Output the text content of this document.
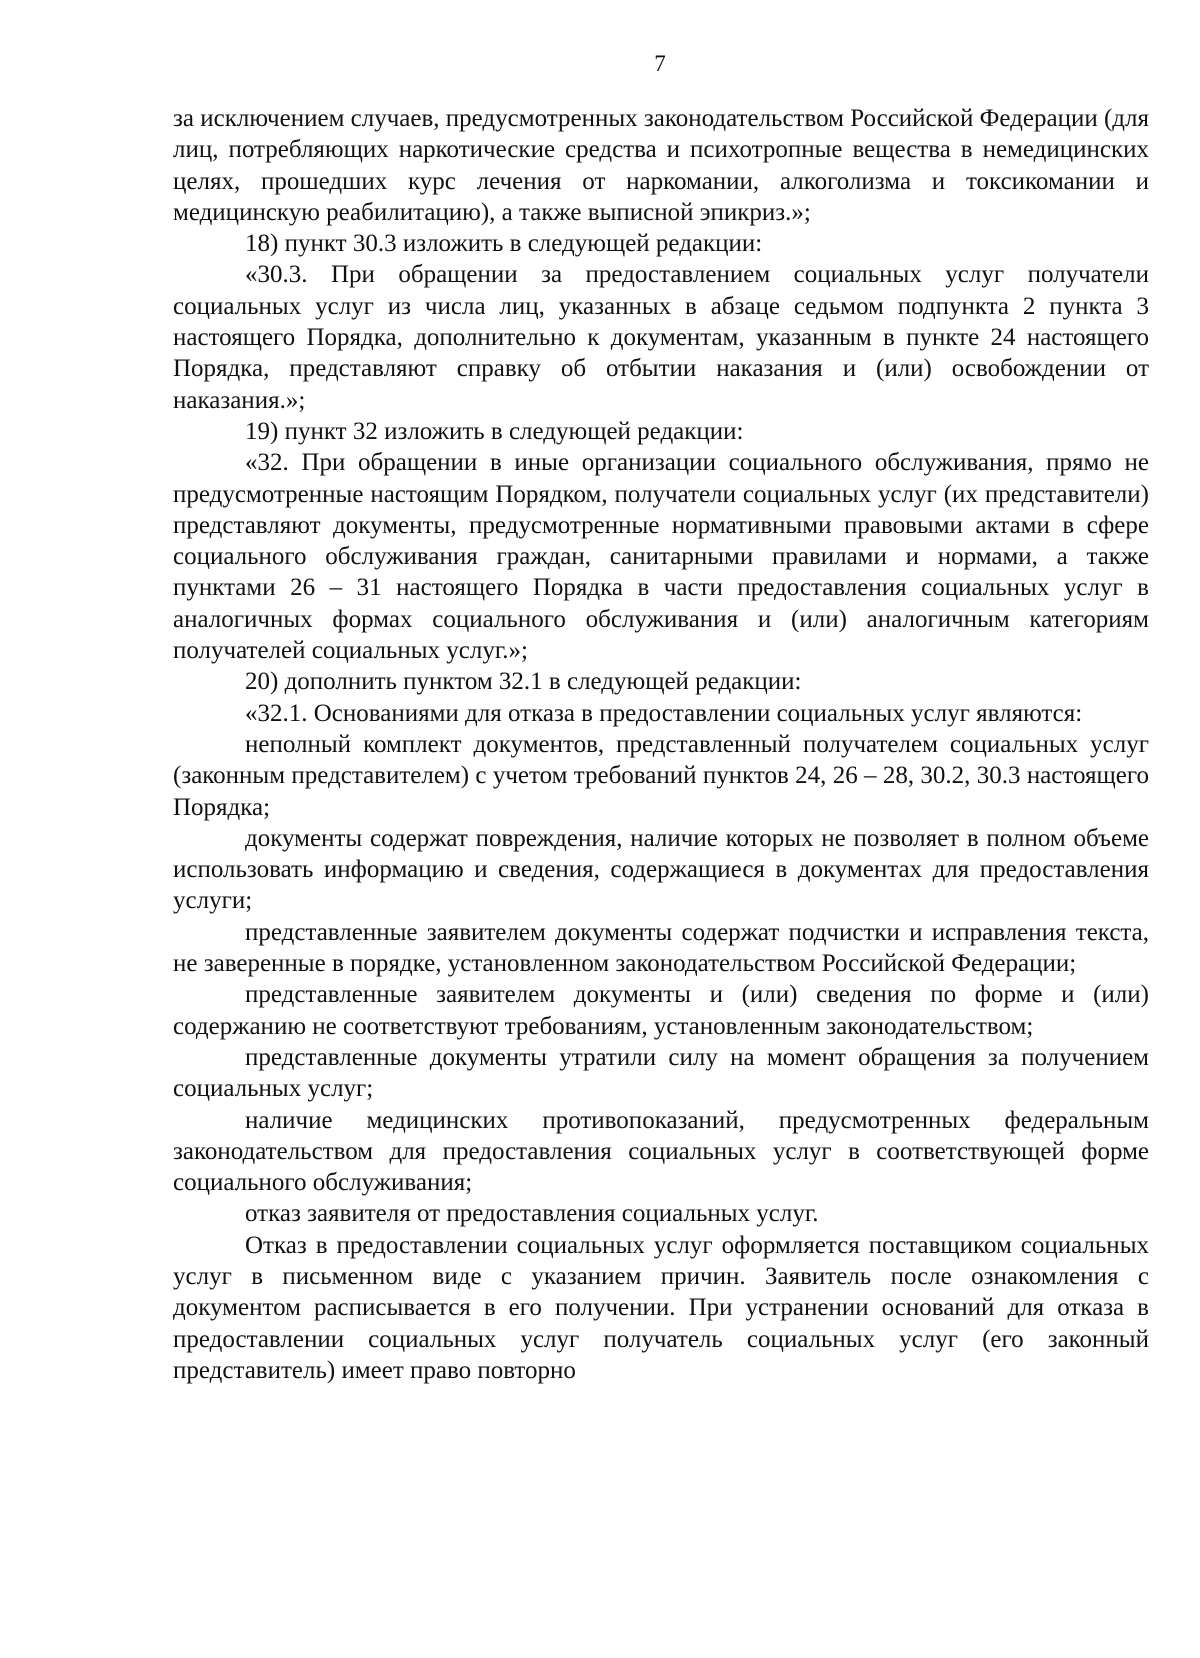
7

за исключением случаев, предусмотренных законодательством Российской Федерации (для лиц, потребляющих наркотические средства и психотропные вещества в немедицинских целях, прошедших курс лечения от наркомании, алкоголизма и токсикомании и медицинскую реабилитацию), а также выписной эпикриз.»;

18) пункт 30.3 изложить в следующей редакции:

«30.3. При обращении за предоставлением социальных услуг получатели социальных услуг из числа лиц, указанных в абзаце седьмом подпункта 2 пункта 3 настоящего Порядка, дополнительно к документам, указанным в пункте 24 настоящего Порядка, представляют справку об отбытии наказания и (или) освобождении от наказания.»;

19) пункт 32 изложить в следующей редакции:

«32. При обращении в иные организации социального обслуживания, прямо не предусмотренные настоящим Порядком, получатели социальных услуг (их представители) представляют документы, предусмотренные нормативными правовыми актами в сфере социального обслуживания граждан, санитарными правилами и нормами, а также пунктами 26 – 31 настоящего Порядка в части предоставления социальных услуг в аналогичных формах социального обслуживания и (или) аналогичным категориям получателей социальных услуг.»;

20) дополнить пунктом 32.1 в следующей редакции:

«32.1. Основаниями для отказа в предоставлении социальных услуг являются:

неполный комплект документов, представленный получателем социальных услуг (законным представителем) с учетом требований пунктов 24, 26 – 28, 30.2, 30.3 настоящего Порядка;

документы содержат повреждения, наличие которых не позволяет в полном объеме использовать информацию и сведения, содержащиеся в документах для предоставления услуги;

представленные заявителем документы содержат подчистки и исправления текста, не заверенные в порядке, установленном законодательством Российской Федерации;

представленные заявителем документы и (или) сведения по форме и (или) содержанию не соответствуют требованиям, установленным законодательством;

представленные документы утратили силу на момент обращения за получением социальных услуг;

наличие медицинских противопоказаний, предусмотренных федеральным законодательством для предоставления социальных услуг в соответствующей форме социального обслуживания;

отказ заявителя от предоставления социальных услуг.

Отказ в предоставлении социальных услуг оформляется поставщиком социальных услуг в письменном виде с указанием причин. Заявитель после ознакомления с документом расписывается в его получении. При устранении оснований для отказа в предоставлении социальных услуг получатель социальных услуг (его законный представитель) имеет право повторно
